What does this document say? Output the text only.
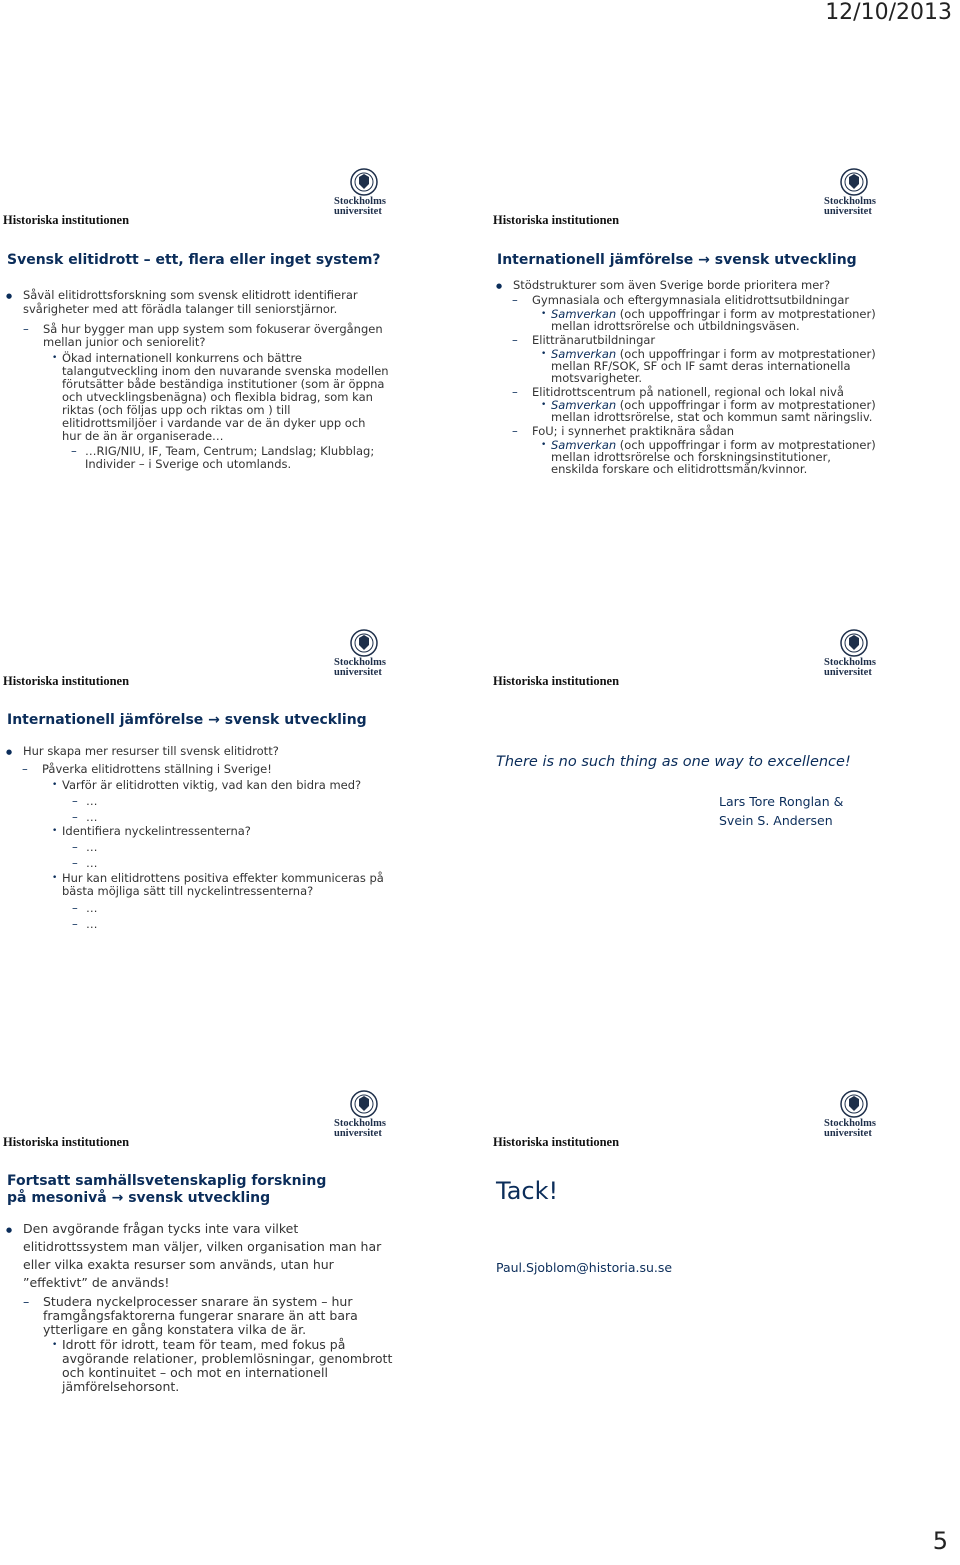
12/10/2013
Stockholms
universitet
Historiska institutionen
Svensk elitidrott – ett, flera eller inget system?
● Såväl elitidrottsforskning som svensk elitidrott identifierar
svårigheter med att förädla talanger till seniorstjärnor.
– Så hur bygger man upp system som fokuserar övergången
mellan junior och seniorelit?
• Ökad internationell konkurrens och bättre
talangutveckling inom den nuvarande svenska modellen
förutsätter både beständiga institutioner (som är öppna
och utvecklingsbenägna) och flexibla bidrag, som kan
riktas (och följas upp och riktas om ) till
elitidrottsmiljöer i vardande var de än dyker upp och
hur de än är organiserade…
– …RIG/NIU, IF, Team, Centrum; Landslag; Klubblag;
Individer – i Sverige och utomlands.
Stockholms
universitet
Historiska institutionen
Internationell jämförelse → svensk utveckling
● Stödstrukturer som även Sverige borde prioritera mer?
– Gymnasiala och eftergymnasiala elitidrottsutbildningar
• Samverkan (och uppoffringar i form av motprestationer)
mellan idrottsrörelse och utbildningsväsen.
– Elittränarutbildningar
• Samverkan (och uppoffringar i form av motprestationer)
mellan RF/SOK, SF och IF samt deras internationella
motsvarigheter.
– Elitidrottscentrum på nationell, regional och lokal nivå
• Samverkan (och uppoffringar i form av motprestationer)
mellan idrottsrörelse, stat och kommun samt näringsliv.
– FoU; i synnerhet praktiknära sådan
• Samverkan (och uppoffringar i form av motprestationer)
mellan idrottsrörelse och forskningsinstitutioner,
enskilda forskare och elitidrottsmän/kvinnor.
Stockholms
universitet
Historiska institutionen
Internationell jämförelse → svensk utveckling
● Hur skapa mer resurser till svensk elitidrott?
– Påverka elitidrottens ställning i Sverige!
• Varför är elitidrotten viktig, vad kan den bidra med?
– …
– …
• Identifiera nyckelintressenterna?
– …
– …
• Hur kan elitidrottens positiva effekter kommuniceras på
bästa möjliga sätt till nyckelintressenterna?
– …
– …
Stockholms
universitet
Historiska institutionen
There is no such thing as one way to excellence!
Lars Tore Ronglan &
Svein S. Andersen
Stockholms
universitet
Historiska institutionen
Fortsatt samhällsvetenskaplig forskning
på mesonivå → svensk utveckling
● Den avgörande frågan tycks inte vara vilket
elitidrottssystem man väljer, vilken organisation man har
eller vilka exakta resurser som används, utan hur
”effektivt” de används!
– Studera nyckelprocesser snarare än system – hur
framgångsfaktorerna fungerar snarare än att bara
ytterligare en gång konstatera vilka de är.
• Idrott för idrott, team för team, med fokus på
avgörande relationer, problemlösningar, genombrott
och kontinuitet – och mot en internationell
jämförelsehorsont.
Stockholms
universitet
Historiska institutionen
Tack!
Paul.Sjoblom@historia.su.se
5
